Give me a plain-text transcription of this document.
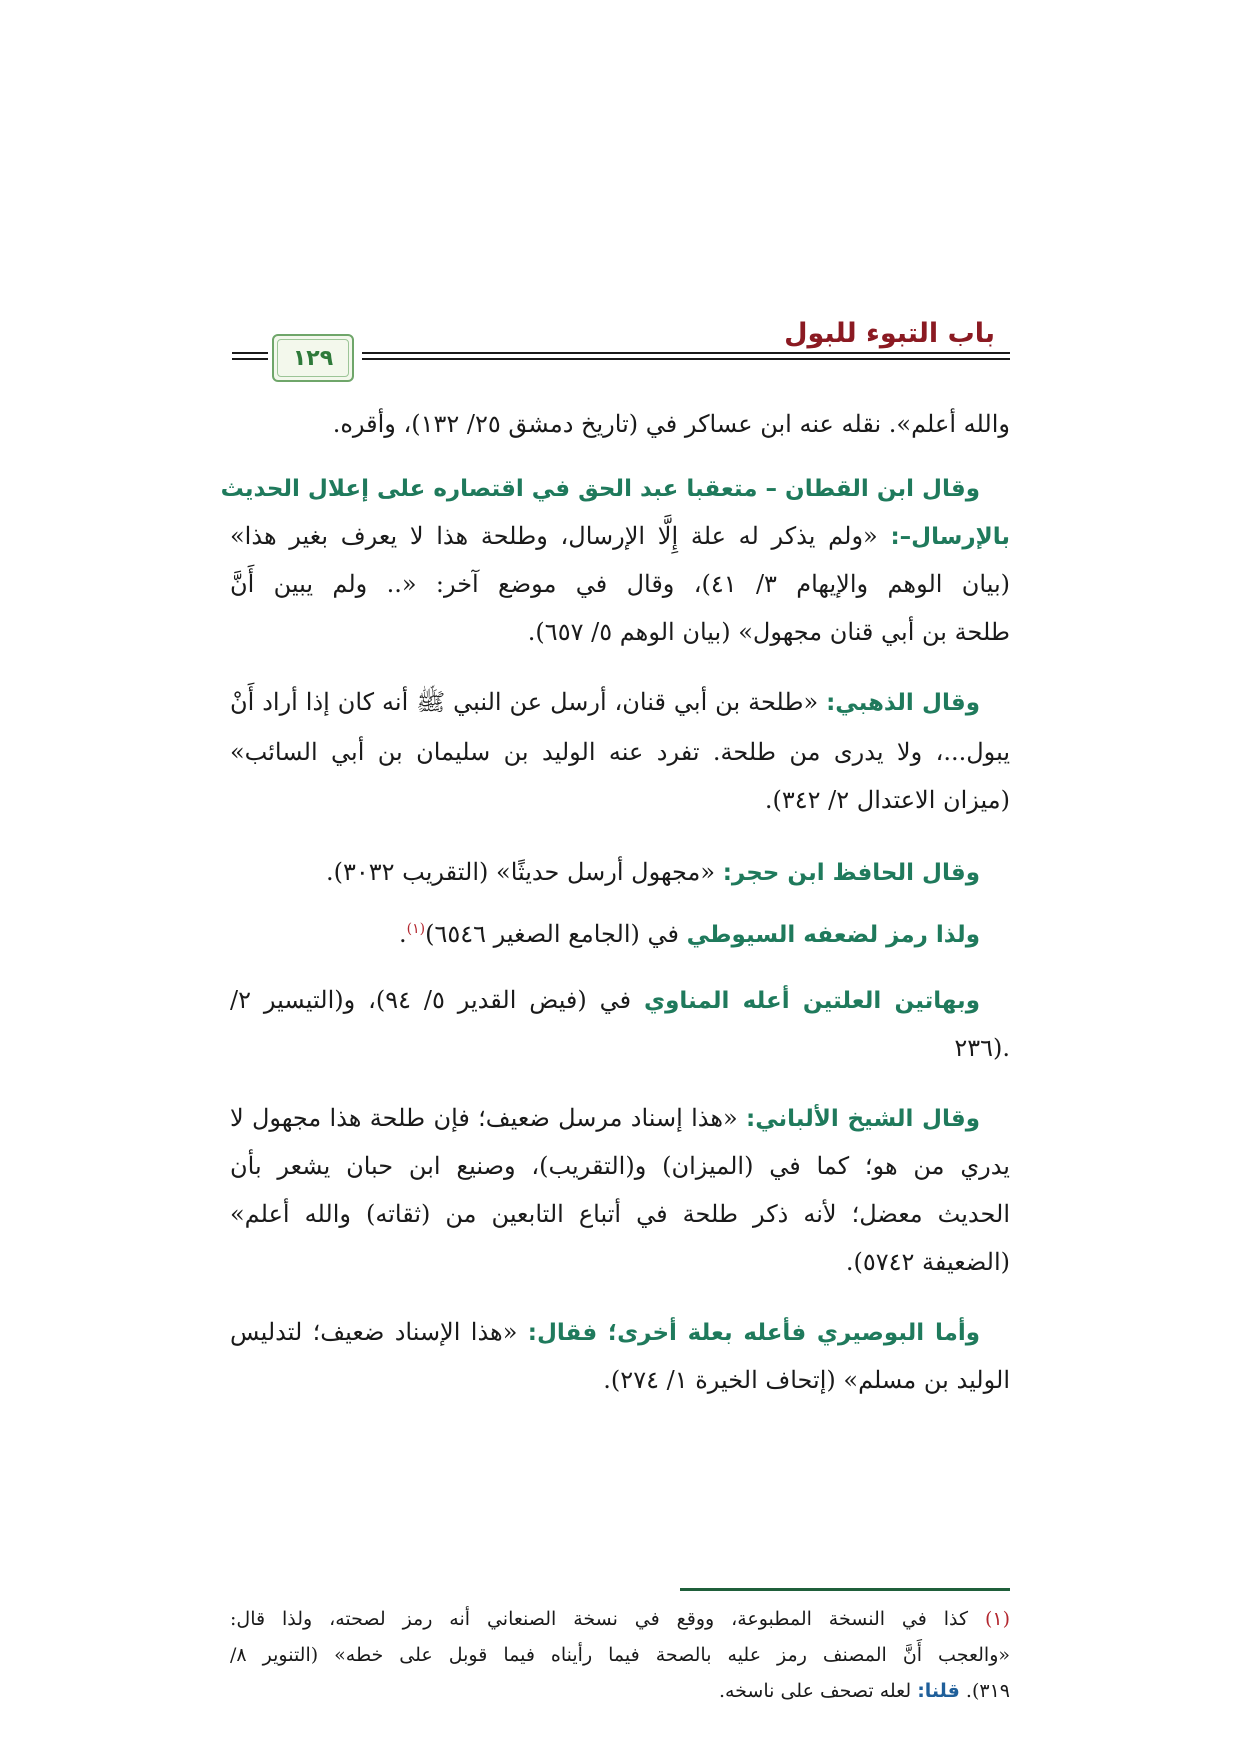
باب التبوء للبول
١٢٩
والله أعلم». نقله عنه ابن عساكر في (تاريخ دمشق ٢٥/ ١٣٢)، وأقره.
وقال ابن القطان – متعقبا عبد الحق في اقتصاره على إعلال الحديث
بالإرسال–: «ولم يذكر له علة إِلَّا الإرسال، وطلحة هذا لا يعرف بغير هذا»
(بيان الوهم والإيهام ٣/ ٤١)، وقال في موضع آخر: «.. ولم يبين أَنَّ
طلحة بن أبي قنان مجهول» (بيان الوهم ٥/ ٦٥٧).
وقال الذهبي: «طلحة بن أبي قنان، أرسل عن النبي ﷺ أنه كان إذا أراد أَنْ
يبول...، ولا يدرى من طلحة. تفرد عنه الوليد بن سليمان بن أبي السائب»
(ميزان الاعتدال ٢/ ٣٤٢).
وقال الحافظ ابن حجر: «مجهول أرسل حديثًا» (التقريب ٣٠٣٢).
ولذا رمز لضعفه السيوطي في (الجامع الصغير ٦٥٤٦)$^{(١)}$.
وبهاتين العلتين أعله المناوي في (فيض القدير ٥/ ٩٤)، و(التيسير ٢/
٢٣٦).
وقال الشيخ الألباني: «هذا إسناد مرسل ضعيف؛ فإن طلحة هذا مجهول لا
يدري من هو؛ كما في (الميزان) و(التقريب)، وصنيع ابن حبان يشعر بأن
الحديث معضل؛ لأنه ذكر طلحة في أتباع التابعين من (ثقاته) والله أعلم»
(الضعيفة ٥٧٤٢).
وأما البوصيري فأعله بعلة أخرى؛ فقال: «هذا الإسناد ضعيف؛ لتدليس
الوليد بن مسلم» (إتحاف الخيرة ١/ ٢٧٤).
(١) كذا في النسخة المطبوعة، ووقع في نسخة الصنعاني أنه رمز لصحته، ولذا قال:
«والعجب أَنَّ المصنف رمز عليه بالصحة فيما رأيناه فيما قوبل على خطه» (التنوير ٨/
٣١٩). قلنا: لعله تصحف على ناسخه.
